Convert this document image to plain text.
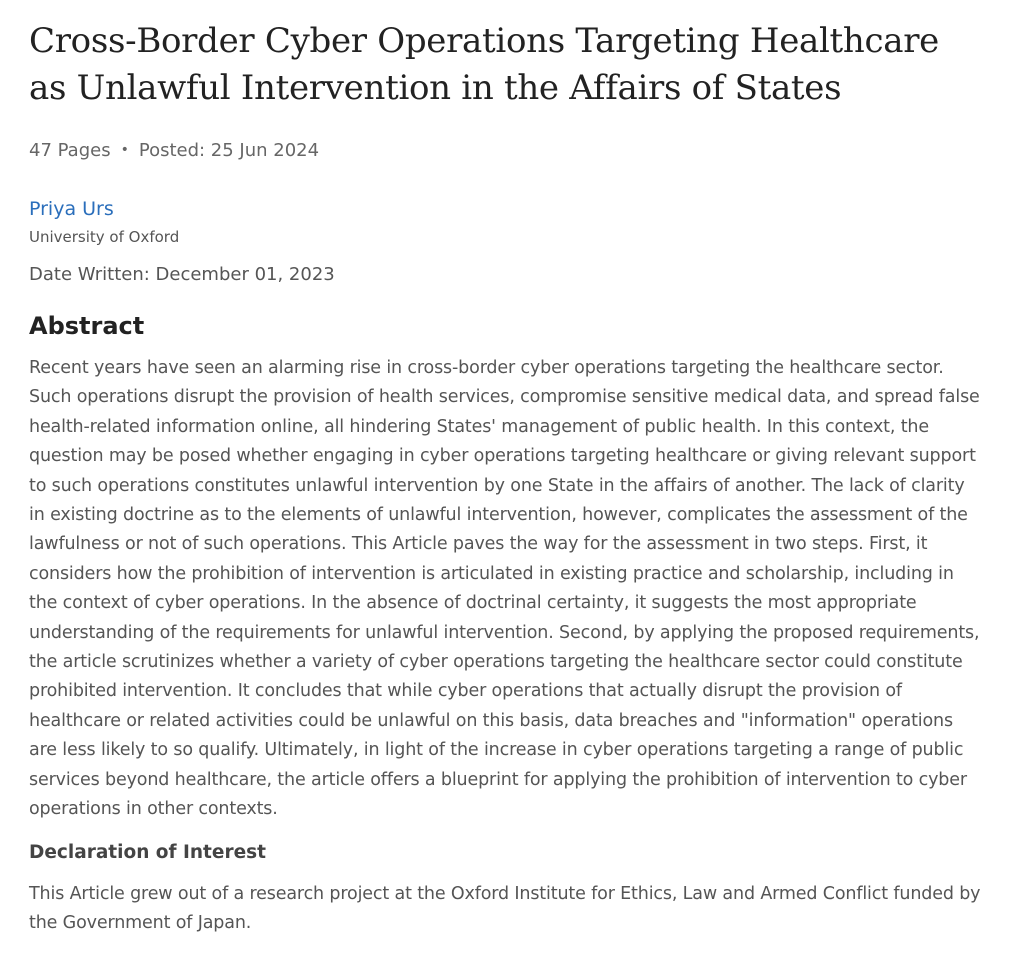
Cross-Border Cyber Operations Targeting Healthcare as Unlawful Intervention in the Affairs of States
47 Pages • Posted: 25 Jun 2024
Priya Urs
University of Oxford
Date Written: December 01, 2023
Abstract
Recent years have seen an alarming rise in cross-border cyber operations targeting the healthcare sector. Such operations disrupt the provision of health services, compromise sensitive medical data, and spread false health-related information online, all hindering States' management of public health. In this context, the question may be posed whether engaging in cyber operations targeting healthcare or giving relevant support to such operations constitutes unlawful intervention by one State in the affairs of another. The lack of clarity in existing doctrine as to the elements of unlawful intervention, however, complicates the assessment of the lawfulness or not of such operations. This Article paves the way for the assessment in two steps. First, it considers how the prohibition of intervention is articulated in existing practice and scholarship, including in the context of cyber operations. In the absence of doctrinal certainty, it suggests the most appropriate understanding of the requirements for unlawful intervention. Second, by applying the proposed requirements, the article scrutinizes whether a variety of cyber operations targeting the healthcare sector could constitute prohibited intervention. It concludes that while cyber operations that actually disrupt the provision of healthcare or related activities could be unlawful on this basis, data breaches and "information" operations are less likely to so qualify. Ultimately, in light of the increase in cyber operations targeting a range of public services beyond healthcare, the article offers a blueprint for applying the prohibition of intervention to cyber operations in other contexts.
Declaration of Interest
This Article grew out of a research project at the Oxford Institute for Ethics, Law and Armed Conflict funded by the Government of Japan.
